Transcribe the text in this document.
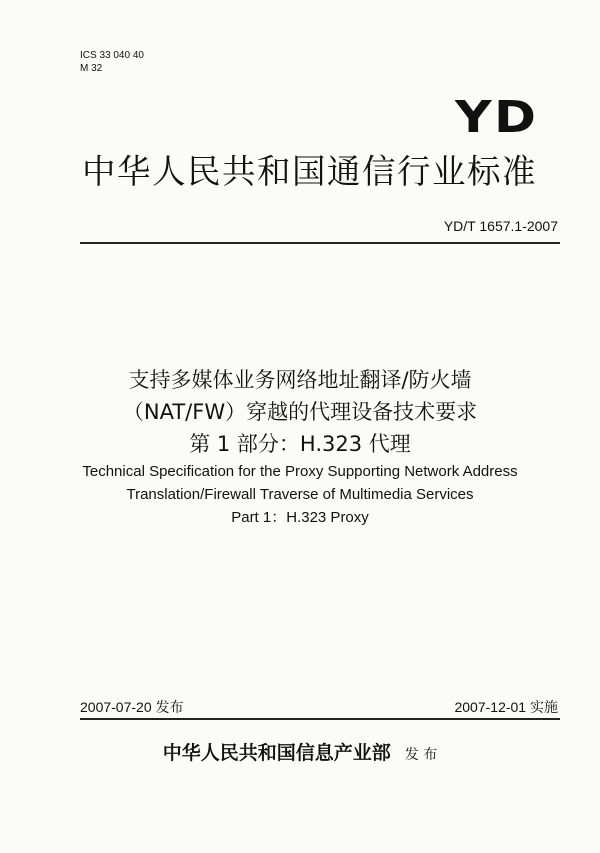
ICS 33 040 40
M 32
YD
中华人民共和国通信行业标准
YD/T 1657.1-2007
支持多媒体业务网络地址翻译/防火墙
（NAT/FW）穿越的代理设备技术要求
第 1 部分：H.323 代理
Technical Specification for the Proxy Supporting Network Address
Translation/Firewall Traverse of Multimedia Services
Part 1：H.323 Proxy
2007-07-20 发布	2007-12-01 实施
中华人民共和国信息产业部 发 布
